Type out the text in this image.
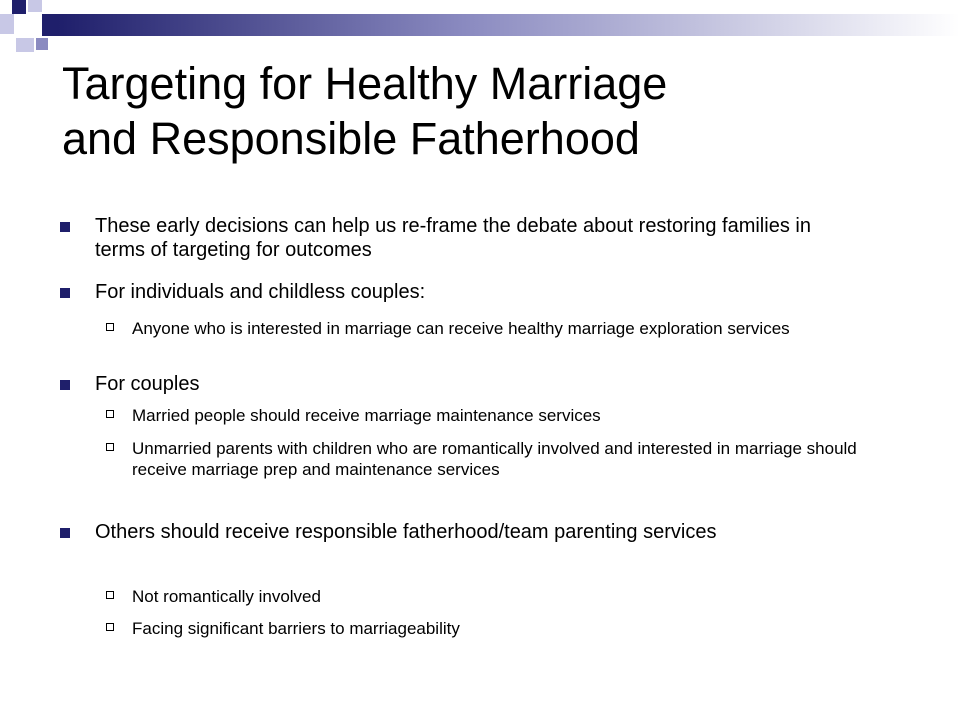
Targeting for Healthy Marriage
and Responsible Fatherhood
These early decisions can help us re-frame the debate about restoring families in terms of targeting for outcomes
For individuals and childless couples:
Anyone who is interested in marriage can receive healthy marriage exploration services
For couples
Married people should receive marriage maintenance services
Unmarried parents with children who are romantically involved and interested in marriage should receive marriage prep and maintenance services
Others should receive responsible fatherhood/team parenting services
Not romantically involved
Facing significant barriers to marriageability
